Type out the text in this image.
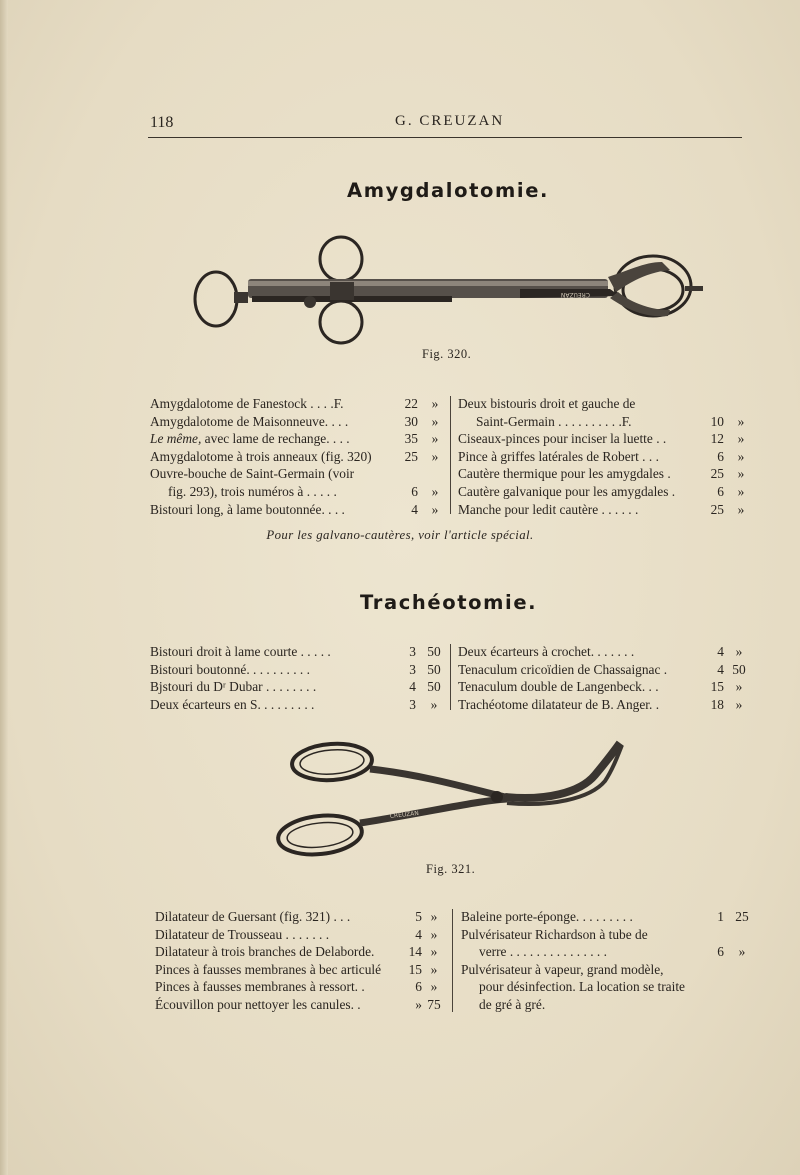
118	G. CREUZAN
Amygdalotomie.
CREUZAN
Fig. 320.
Amygdalotome de Fanestock . . . .F.	22	»
Amygdalotome de Maisonneuve. . . .	30	»
Le même, avec lame de rechange. . . .	35	»
Amygdalotome à trois anneaux (fig. 320) 25	»
Ouvre-bouche de Saint-Germain (voir
fig. 293), trois numéros à . . . . .	6	»
Bistouri long, à lame boutonnée. . . .	4	»
Deux bistouris droit et gauche de
Saint-Germain . . . . . . . . . .F.	10	»
Ciseaux-pinces pour inciser la luette . .	12	»
Pince à griffes latérales de Robert . . .	6	»
Cautère thermique pour les amygdales .	25	»
Cautère galvanique pour les amygdales .	6	»
Manche pour ledit cautère . . . . . .	25	»
Pour les galvano-cautères, voir l'article spécial.
Trachéotomie.
Bistouri droit à lame courte . . . . .	3 50
Bistouri boutonné. . . . . . . . . .	3 50
Bjstouri du Dʳ Dubar . . . . . . . .	4 50
Deux écarteurs en S. . . . . . . . .	3	»
Deux écarteurs à crochet. . . . . . .	4 »
Tenaculum cricoïdien de Chassaignac .	4 50
Tenaculum double de Langenbeck. . .	15 »
Trachéotome dilatateur de B. Anger. .	18 »
CREUZAN
Fig. 321.
Dilatateur de Guersant (fig. 321) . . .	5 »
Dilatateur de Trousseau . . . . . . .	4 »
Dilatateur à trois branches de Delaborde.	14 »
Pinces à fausses membranes à bec articulé 15 »
Pinces à fausses membranes à ressort. .	6 »
Écouvillon pour nettoyer les canules. .	» 75
Baleine porte-éponge. . . . . . . . .	1 25
Pulvérisateur Richardson à tube de
verre . . . . . . . . . . . . . . .	6	»
Pulvérisateur à vapeur, grand modèle,
pour désinfection. La location se traite
de gré à gré.
